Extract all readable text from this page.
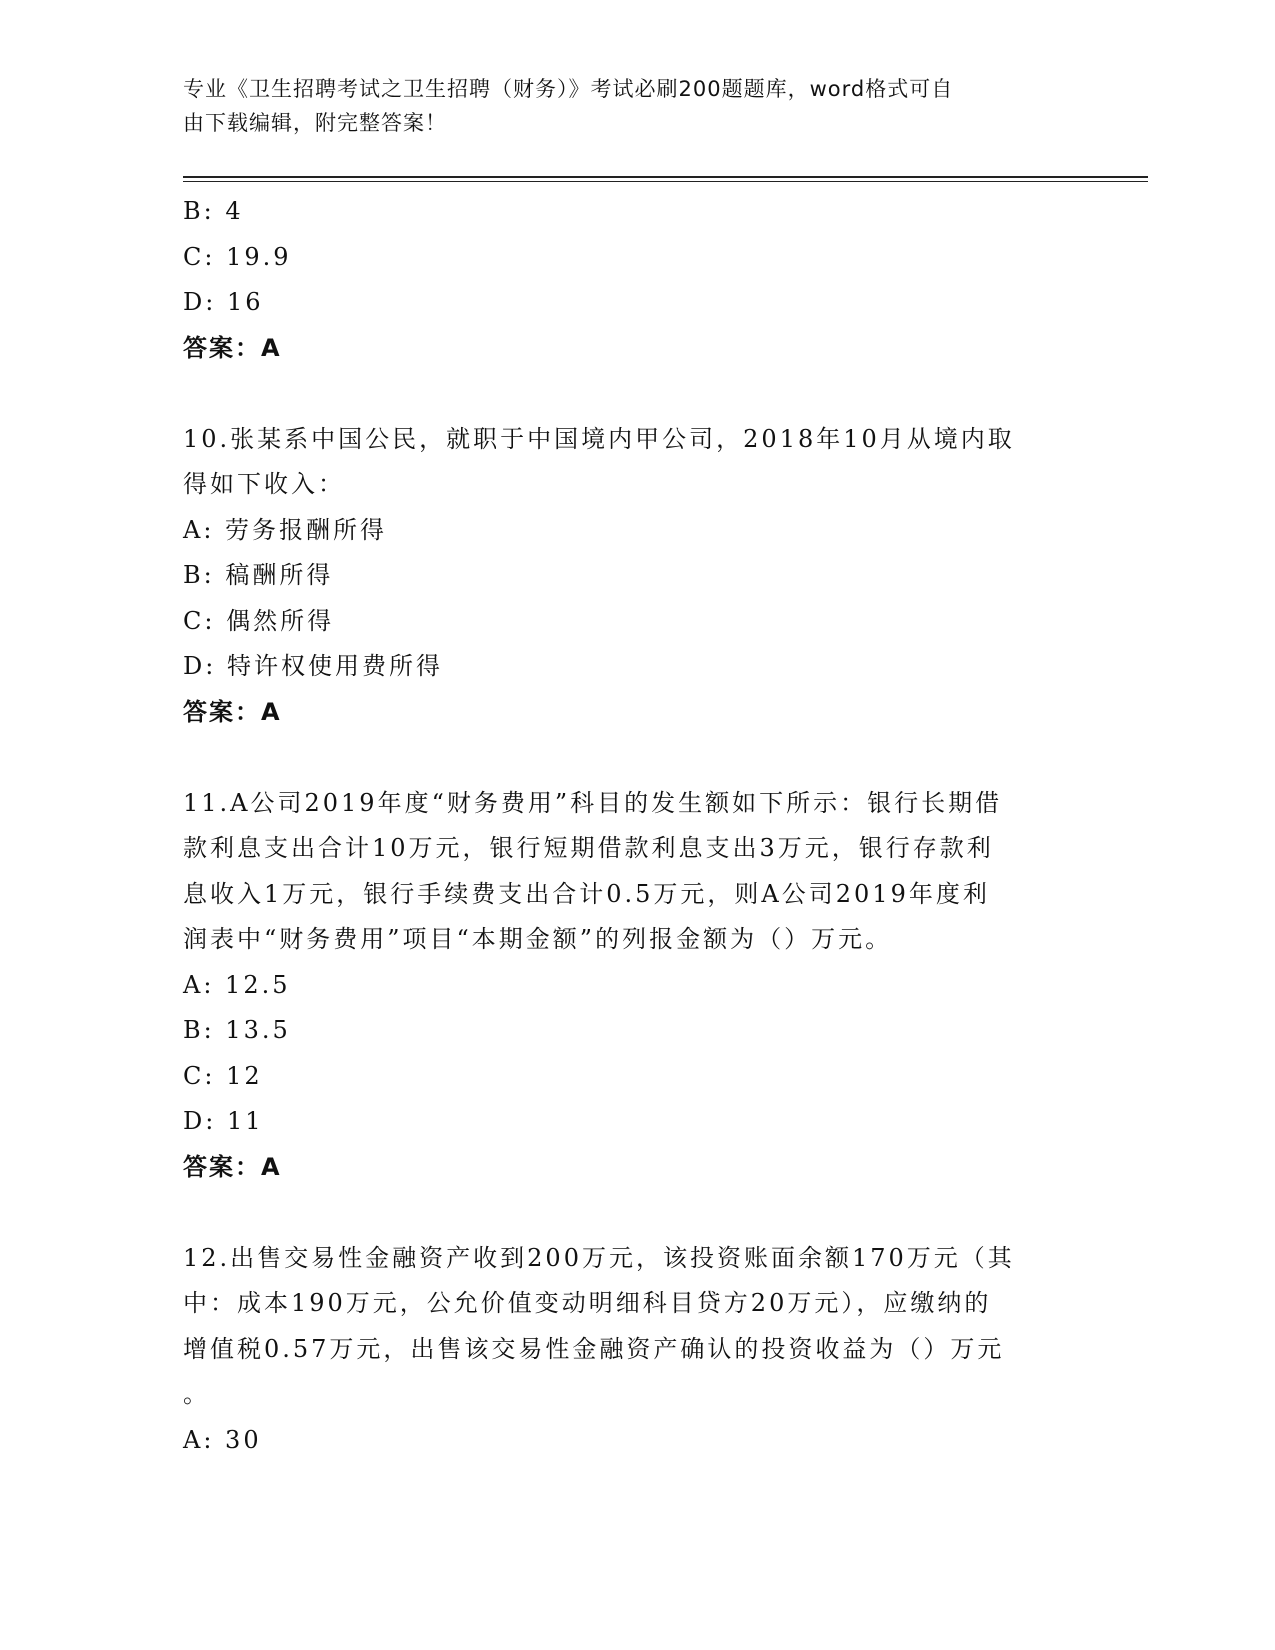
专业《卫生招聘考试之卫生招聘（财务）》考试必刷200题题库，word格式可自
由下载编辑，附完整答案！
B: 4
C: 19.9
D: 16
答案：A
10.张某系中国公民，就职于中国境内甲公司，2018年10月从境内取
得如下收入：
A: 劳务报酬所得
B: 稿酬所得
C: 偶然所得
D: 特许权使用费所得
答案：A
11.A公司2019年度“财务费用”科目的发生额如下所示：银行长期借
款利息支出合计10万元，银行短期借款利息支出3万元，银行存款利
息收入1万元，银行手续费支出合计0.5万元，则A公司2019年度利
润表中“财务费用”项目“本期金额”的列报金额为（）万元。
A: 12.5
B: 13.5
C: 12
D: 11
答案：A
12.出售交易性金融资产收到200万元，该投资账面余额170万元（其
中：成本190万元，公允价值变动明细科目贷方20万元），应缴纳的
增值税0.57万元，出售该交易性金融资产确认的投资收益为（）万元
。
A: 30
